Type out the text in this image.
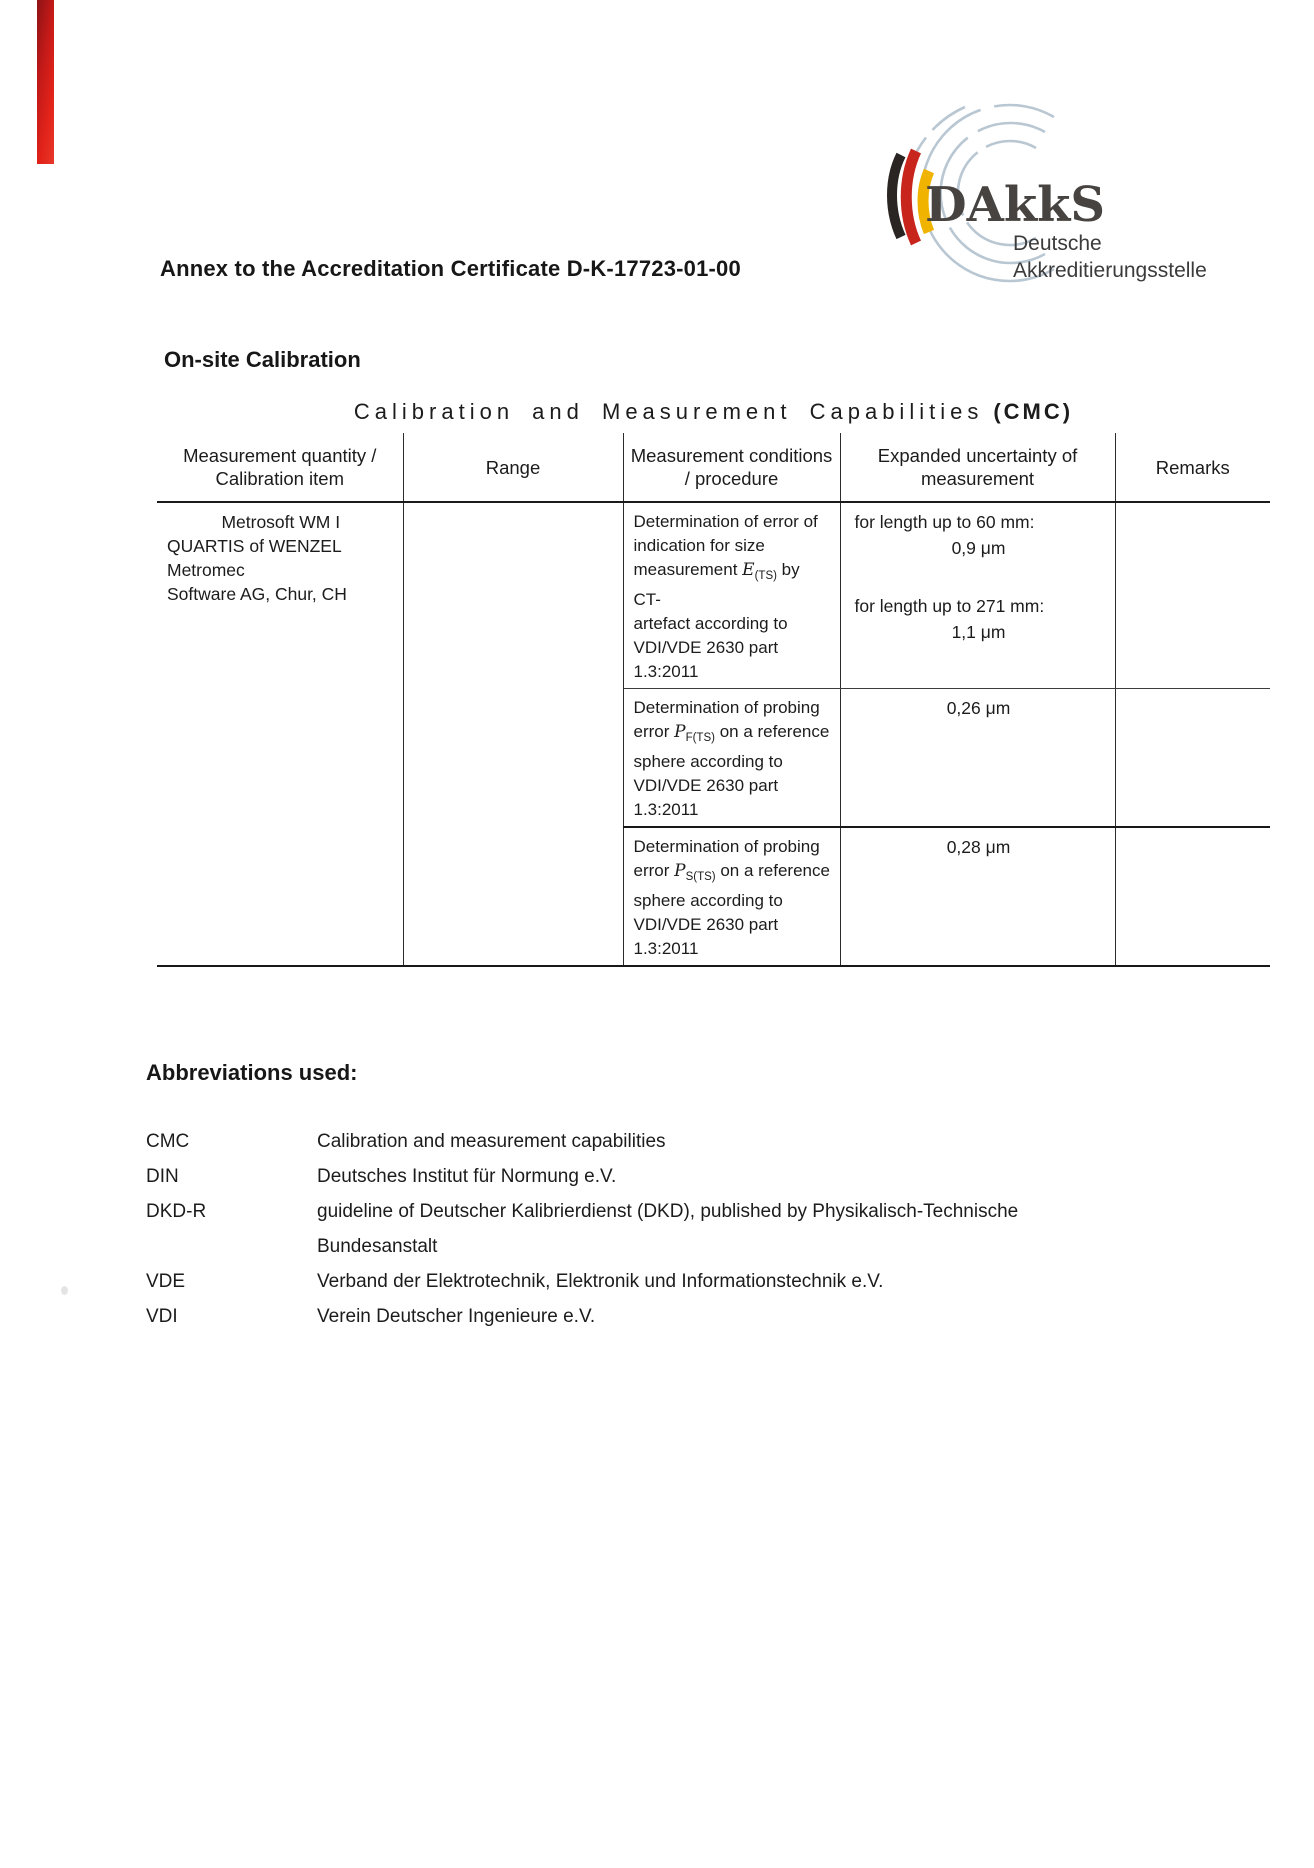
DAkkS
Deutsche
Akkreditierungsstelle
Annex to the Accreditation Certificate D-K-17723-01-00
On-site Calibration
Calibration and Measurement Capabilities (CMC)
Measurement quantity /
Calibration item	Range	Measurement conditions
/ procedure	Expanded uncertainty of
measurement	Remarks

Metrosoft WM I
QUARTIS of WENZEL
Metromec
Software AG, Chur, CH		Determination of error of
indication for size
measurement $E_{(TS)}$ by CT-
artefact according to
VDI/VDE 2630 part 1.3:2011	for length up to 60 mm:
0,9 μm
for length up to 271 mm:
1,1 μm	

		Determination of probing
error $P_{F(TS)}$ on a reference
sphere according to
VDI/VDE 2630 part 1.3:2011	0,26 μm	

		Determination of probing
error $P_{S(TS)}$ on a reference
sphere according to
VDI/VDE 2630 part 1.3:2011	0,28 μm	

Abbreviations used:
CMC	Calibration and measurement capabilities
DIN	Deutsches Institut für Normung e.V.
DKD-R	guideline of Deutscher Kalibrierdienst (DKD), published by Physikalisch-Technische
Bundesanstalt
VDE	Verband der Elektrotechnik, Elektronik und Informationstechnik e.V.
VDI	Verein Deutscher Ingenieure e.V.
